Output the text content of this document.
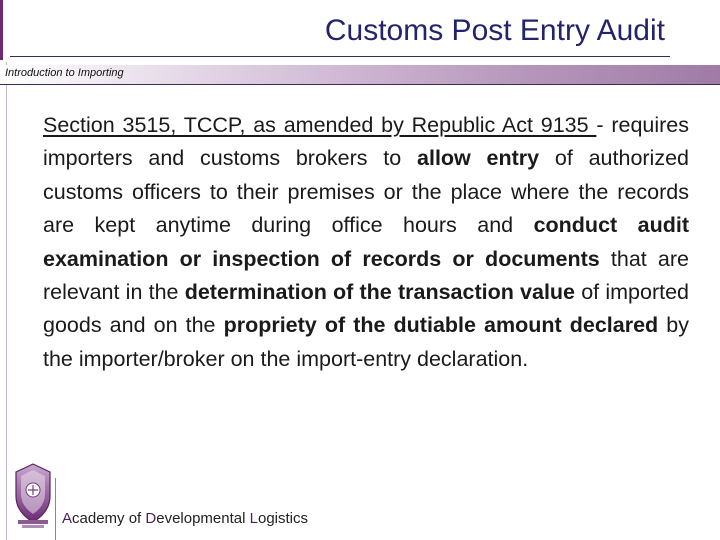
Customs Post Entry Audit
Introduction to Importing
Section 3515, TCCP, as amended by Republic Act 9135 - requires importers and customs brokers to allow entry of authorized customs officers to their premises or the place where the records are kept anytime during office hours and conduct audit examination or inspection of records or documents that are relevant in the determination of the transaction value of imported goods and on the propriety of the dutiable amount declared by the importer/broker on the import-entry declaration.
Academy of Developmental Logistics
